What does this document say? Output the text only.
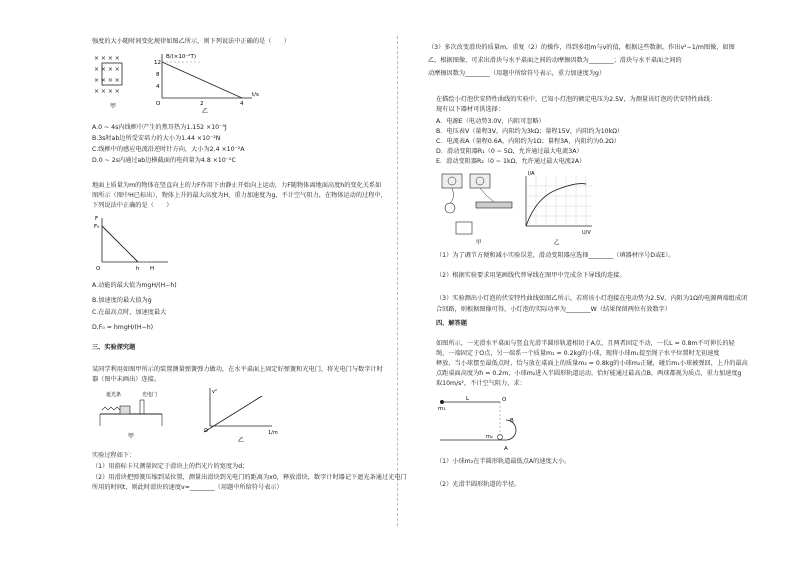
强度的大小随时间变化规律如图乙所示，则下列说法中正确的是（　　）
× × × ×
× × × ×
× × × ×
× × × ×
甲
B/(×10⁻²T)
12
8
4
O	2	4
t/s
乙
A.0 ~ 4s内线框中产生的焦耳热为1.152 ×10⁻³J
B.3s时ab边所受安培力的大小为1.44 ×10⁻²N
C.线框中的感应电流沿逆时针方向，大小为2.4 ×10⁻²A
D.0 ~ 2s内通过ab边横截面的电荷量为4.8 ×10⁻²C
地面上质量为m的物体在竖直向上的力F作用下由静止开始向上运动，力F随物体离地面高度h的变化关系如
图所示（图中H已标出），物体上升的最大高度为H，重力加速度为g，不计空气阻力，在物体运动的过程中，
下列说法中正确的是（　　）
F₀
F
O	h H
A.动能的最大值为mgH/(H−h)
B.加速度的最大值为g
C.在最高点时，加速度最大
D.F₀ = hmgH/(H−h)
三、实验探究题
某同学利用如图甲所示的装置测量弹簧弹力做功，在水平桌面上固定好弹簧和光电门，将光电门与数字计时
器（图中未画出）连接。
遮光条	光电门
甲
v²
1/m
O
乙
实验过程如下：
（1）用游标卡尺测量固定于滑块上的挡光片的宽度为d；
（2）用滑块把弹簧压缩到某位置，测量出滑块到光电门的距离为x0，释放滑块，数字计时器记下遮光条通过光电门
所用的时间t，则此时滑块的速度v=________（用题中所给符号表示）
（3）多次改变滑块的质量m，重复（2）的操作，得到多组m与v的值，根据这些数据，作出v²−1/m图像，如图
乙，根据图像，可求出滑块与水平桌面之间的动摩擦因数为________；滑块与水平桌面之间的
动摩擦因数为________（用题中所给符号表示，重力加速度为g）
在描绘小灯泡伏安特性曲线的实验中，已知小灯泡的额定电压为2.5V，为测量该灯泡的伏安特性曲线：
现有以下器材可供选择：
A．电源E（电动势3.0V，内阻可忽略）
B．电压表V（量程3V，内阻约为3kΩ；量程15V，内阻约为10kΩ）
C．电流表A（量程0.6A，内阻约为1Ω；量程3A，内阻约为0.2Ω）
D．滑动变阻器R₁（0 ~ 5Ω，允许通过最大电流3A）
E．滑动变阻器R₂（0 ~ 1kΩ，允许通过最大电流2A）
甲
I/A
U/V
乙
（1）为了调节方便和减小实验误差，滑动变阻器应选择________（填器材序号D或E）。
（2）根据实验要求用笔画线代替导线在图甲中完成余下导线的连接。
（3）实验测出小灯泡的伏安特性曲线如图乙所示，若将该小灯泡接在电动势为2.5V、内阻为1Ω的电源两端组成闭
合回路，则根据图像可得，小灯泡的实际功率为________W（结果保留两位有效数字）
四、解答题
如图所示，一光滑水平桌面与竖直光滑半圆形轨道相切于A点，且两者固定不动，一长L = 0.8m不可伸长的轻
绳，一端固定于O点，另一端系一个质量m₁ = 0.2kg的小球，现将小球m₁提至绳子水平位置时无初速度
释放，当小球摆至最低点时，恰与放在桌面上的质量m₂ = 0.8kg的小球m₂正碰，碰后m₁小球被弹回，上升的最高
点距桌面高度为h = 0.2m，小球m₂进入半圆形轨道运动，恰好能通过最高点B，两球都视为质点，重力加速度g
取10m/s²，不计空气阻力，求：
m₁
L	O
B
A
m₂
（1）小球m₂在半圆形轨道最低点A的速度大小。
（2）光滑半圆形轨道的半径。
